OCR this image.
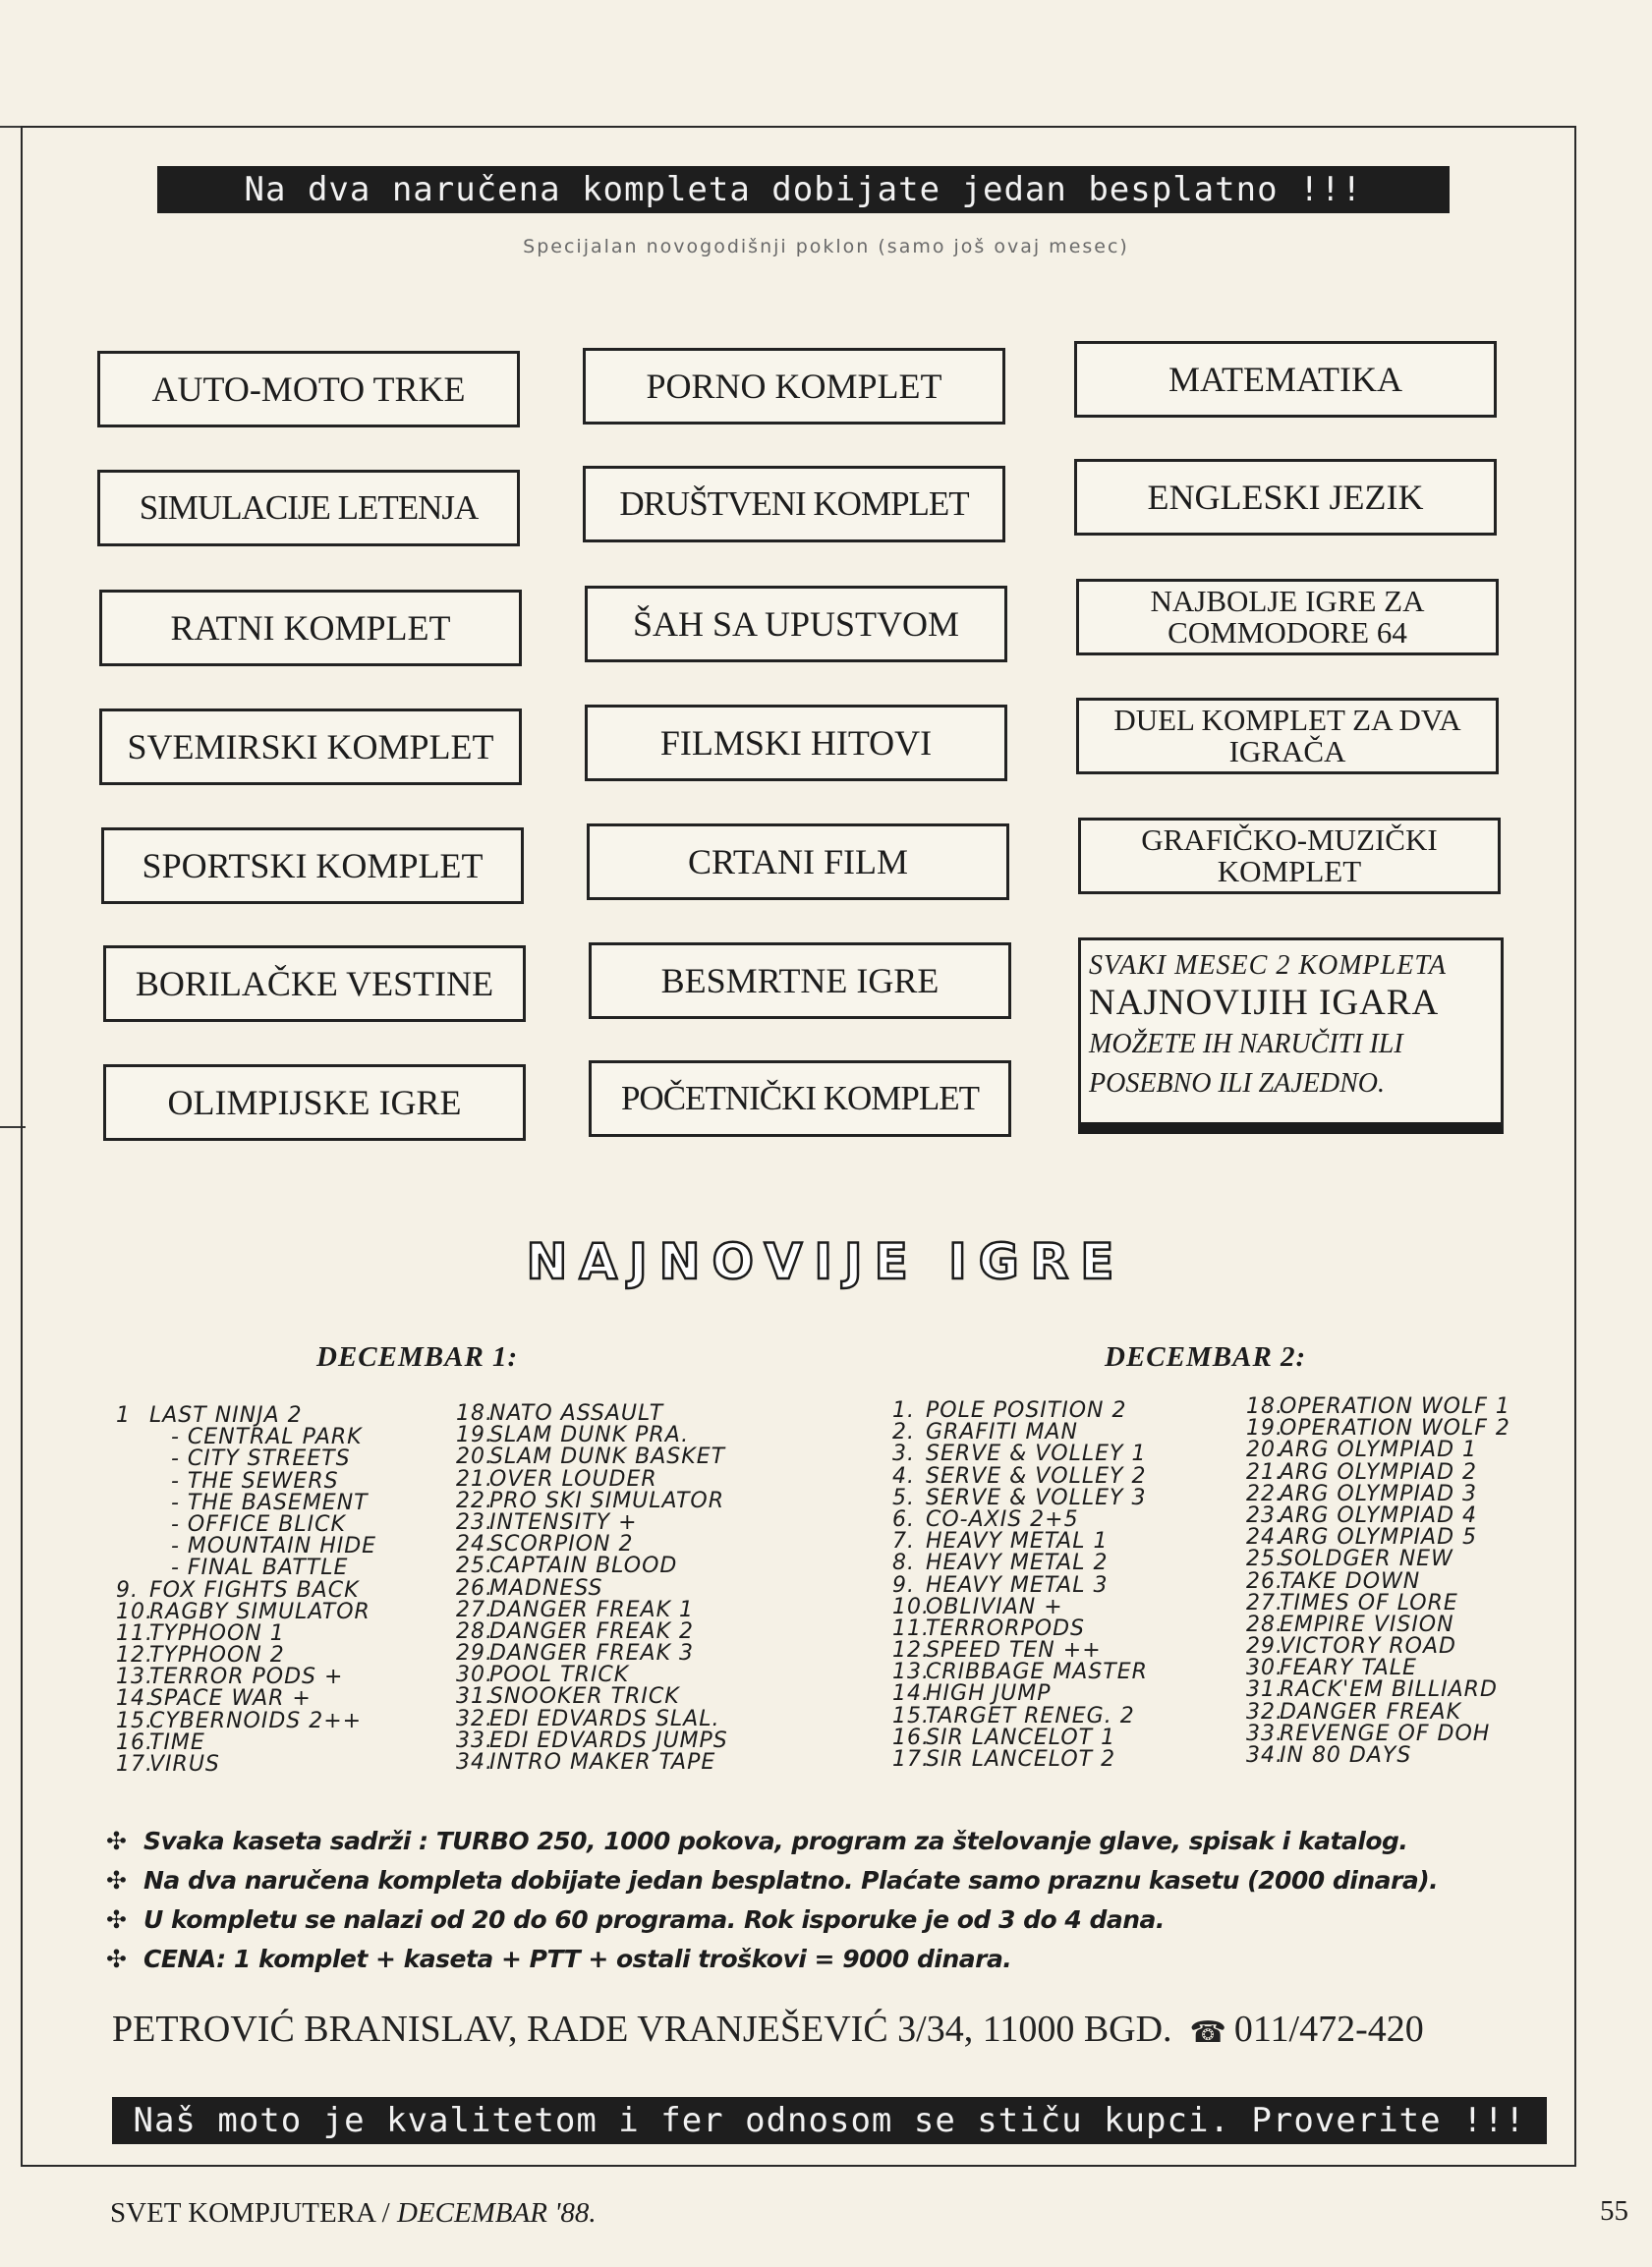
Na dva naručena kompleta dobijate jedan besplatno !!!
Specijalan novogodišnji poklon (samo još ovaj mesec)
AUTO-MOTO TRKE
SIMULACIJE LETENJA
RATNI KOMPLET
SVEMIRSKI KOMPLET
SPORTSKI KOMPLET
BORILAČKE VESTINE
OLIMPIJSKE IGRE
PORNO KOMPLET
DRUŠTVENI KOMPLET
ŠAH SA UPUSTVOM
FILMSKI HITOVI
CRTANI FILM
BESMRTNE IGRE
POČETNIČKI KOMPLET
MATEMATIKA
ENGLESKI JEZIK
NAJBOLJE IGRE ZA COMMODORE 64
DUEL KOMPLET ZA DVA IGRAČA
GRAFIČKO-MUZIČKI KOMPLET
SVAKI MESEC 2 KOMPLETA
NAJNOVIJIH IGARA
MOŽETE IH NARUČITI ILI
POSEBNO ILI ZAJEDNO.
NAJNOVIJE IGRE
DECEMBAR 1:	DECEMBAR 2:
1 LAST NINJA 2
- CENTRAL PARK
- CITY STREETS
- THE SEWERS
- THE BASEMENT
- OFFICE BLICK
- MOUNTAIN HIDE
- FINAL BATTLE
9. FOX FIGHTS BACK
10.RAGBY SIMULATOR
11.TYPHOON 1
12.TYPHOON 2
13.TERROR PODS +
14.SPACE WAR +
15.CYBERNOIDS 2++
16.TIME
17.VIRUS
18.NATO ASSAULT
19.SLAM DUNK PRA.
20.SLAM DUNK BASKET
21.OVER LOUDER
22.PRO SKI SIMULATOR
23.INTENSITY +
24.SCORPION 2
25.CAPTAIN BLOOD
26.MADNESS
27.DANGER FREAK 1
28.DANGER FREAK 2
29.DANGER FREAK 3
30.POOL TRICK
31.SNOOKER TRICK
32.EDI EDVARDS SLAL.
33.EDI EDVARDS JUMPS
34.INTRO MAKER TAPE
1. POLE POSITION 2
2. GRAFITI MAN
3. SERVE & VOLLEY 1
4. SERVE & VOLLEY 2
5. SERVE & VOLLEY 3
6. CO-AXIS 2+5
7. HEAVY METAL 1
8. HEAVY METAL 2
9. HEAVY METAL 3
10.OBLIVIAN +
11.TERRORPODS
12.SPEED TEN ++
13.CRIBBAGE MASTER
14.HIGH JUMP
15.TARGET RENEG. 2
16.SIR LANCELOT 1
17.SIR LANCELOT 2
18.OPERATION WOLF 1
19.OPERATION WOLF 2
20.ARG OLYMPIAD 1
21.ARG OLYMPIAD 2
22.ARG OLYMPIAD 3
23.ARG OLYMPIAD 4
24.ARG OLYMPIAD 5
25.SOLDGER NEW
26.TAKE DOWN
27.TIMES OF LORE
28.EMPIRE VISION
29.VICTORY ROAD
30.FEARY TALE
31.RACK'EM BILLIARD
32.DANGER FREAK
33.REVENGE OF DOH
34.IN 80 DAYS
✣ Svaka kaseta sadrži : TURBO 250, 1000 pokova, program za štelovanje glave, spisak i katalog.
✣ Na dva naručena kompleta dobijate jedan besplatno. Plaćate samo praznu kasetu (2000 dinara).
✣ U kompletu se nalazi od 20 do 60 programa. Rok isporuke je od 3 do 4 dana.
✣ CENA: 1 komplet + kaseta + PTT + ostali troškovi = 9000 dinara.
PETROVIĆ BRANISLAV, RADE VRANJEŠEVIĆ 3/34, 11000 BGD. ☎ 011/472-420
Naš moto je kvalitetom i fer odnosom se stiču kupci. Proverite !!!
SVET KOMPJUTERA / DECEMBAR '88.	55
